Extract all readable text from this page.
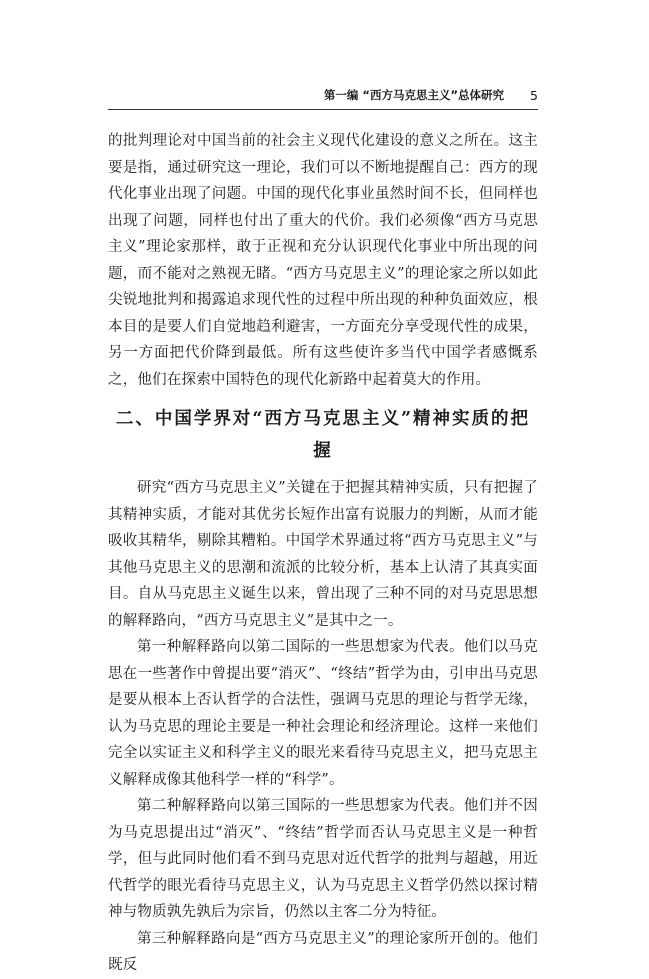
第一编 “西方马克思主义”总体研究 5

的批判理论对中国当前的社会主义现代化建设的意义之所在。这主要是指，通过研究这一理论，我们可以不断地提醒自己：西方的现代化事业出现了问题。中国的现代化事业虽然时间不长，但同样也出现了问题，同样也付出了重大的代价。我们必须像“西方马克思主义”理论家那样，敢于正视和充分认识现代化事业中所出现的问题，而不能对之熟视无睹。“西方马克思主义”的理论家之所以如此尖锐地批判和揭露追求现代性的过程中所出现的种种负面效应，根本目的是要人们自觉地趋利避害，一方面充分享受现代性的成果，另一方面把代价降到最低。所有这些使许多当代中国学者感慨系之，他们在探索中国特色的现代化新路中起着莫大的作用。

二、中国学界对“西方马克思主义”精神实质的把握

研究“西方马克思主义”关键在于把握其精神实质，只有把握了其精神实质，才能对其优劣长短作出富有说服力的判断，从而才能吸收其精华，剔除其糟粕。中国学术界通过将“西方马克思主义”与其他马克思主义的思潮和流派的比较分析，基本上认清了其真实面目。自从马克思主义诞生以来，曾出现了三种不同的对马克思思想的解释路向，“西方马克思主义”是其中之一。

第一种解释路向以第二国际的一些思想家为代表。他们以马克思在一些著作中曾提出要“消灭”、“终结”哲学为由，引申出马克思是要从根本上否认哲学的合法性，强调马克思的理论与哲学无缘，认为马克思的理论主要是一种社会理论和经济理论。这样一来他们完全以实证主义和科学主义的眼光来看待马克思主义，把马克思主义解释成像其他科学一样的“科学”。

第二种解释路向以第三国际的一些思想家为代表。他们并不因为马克思提出过“消灭”、“终结”哲学而否认马克思主义是一种哲学，但与此同时他们看不到马克思对近代哲学的批判与超越，用近代哲学的眼光看待马克思主义，认为马克思主义哲学仍然以探讨精神与物质孰先孰后为宗旨，仍然以主客二分为特征。

第三种解释路向是“西方马克思主义”的理论家所开创的。他们既反
